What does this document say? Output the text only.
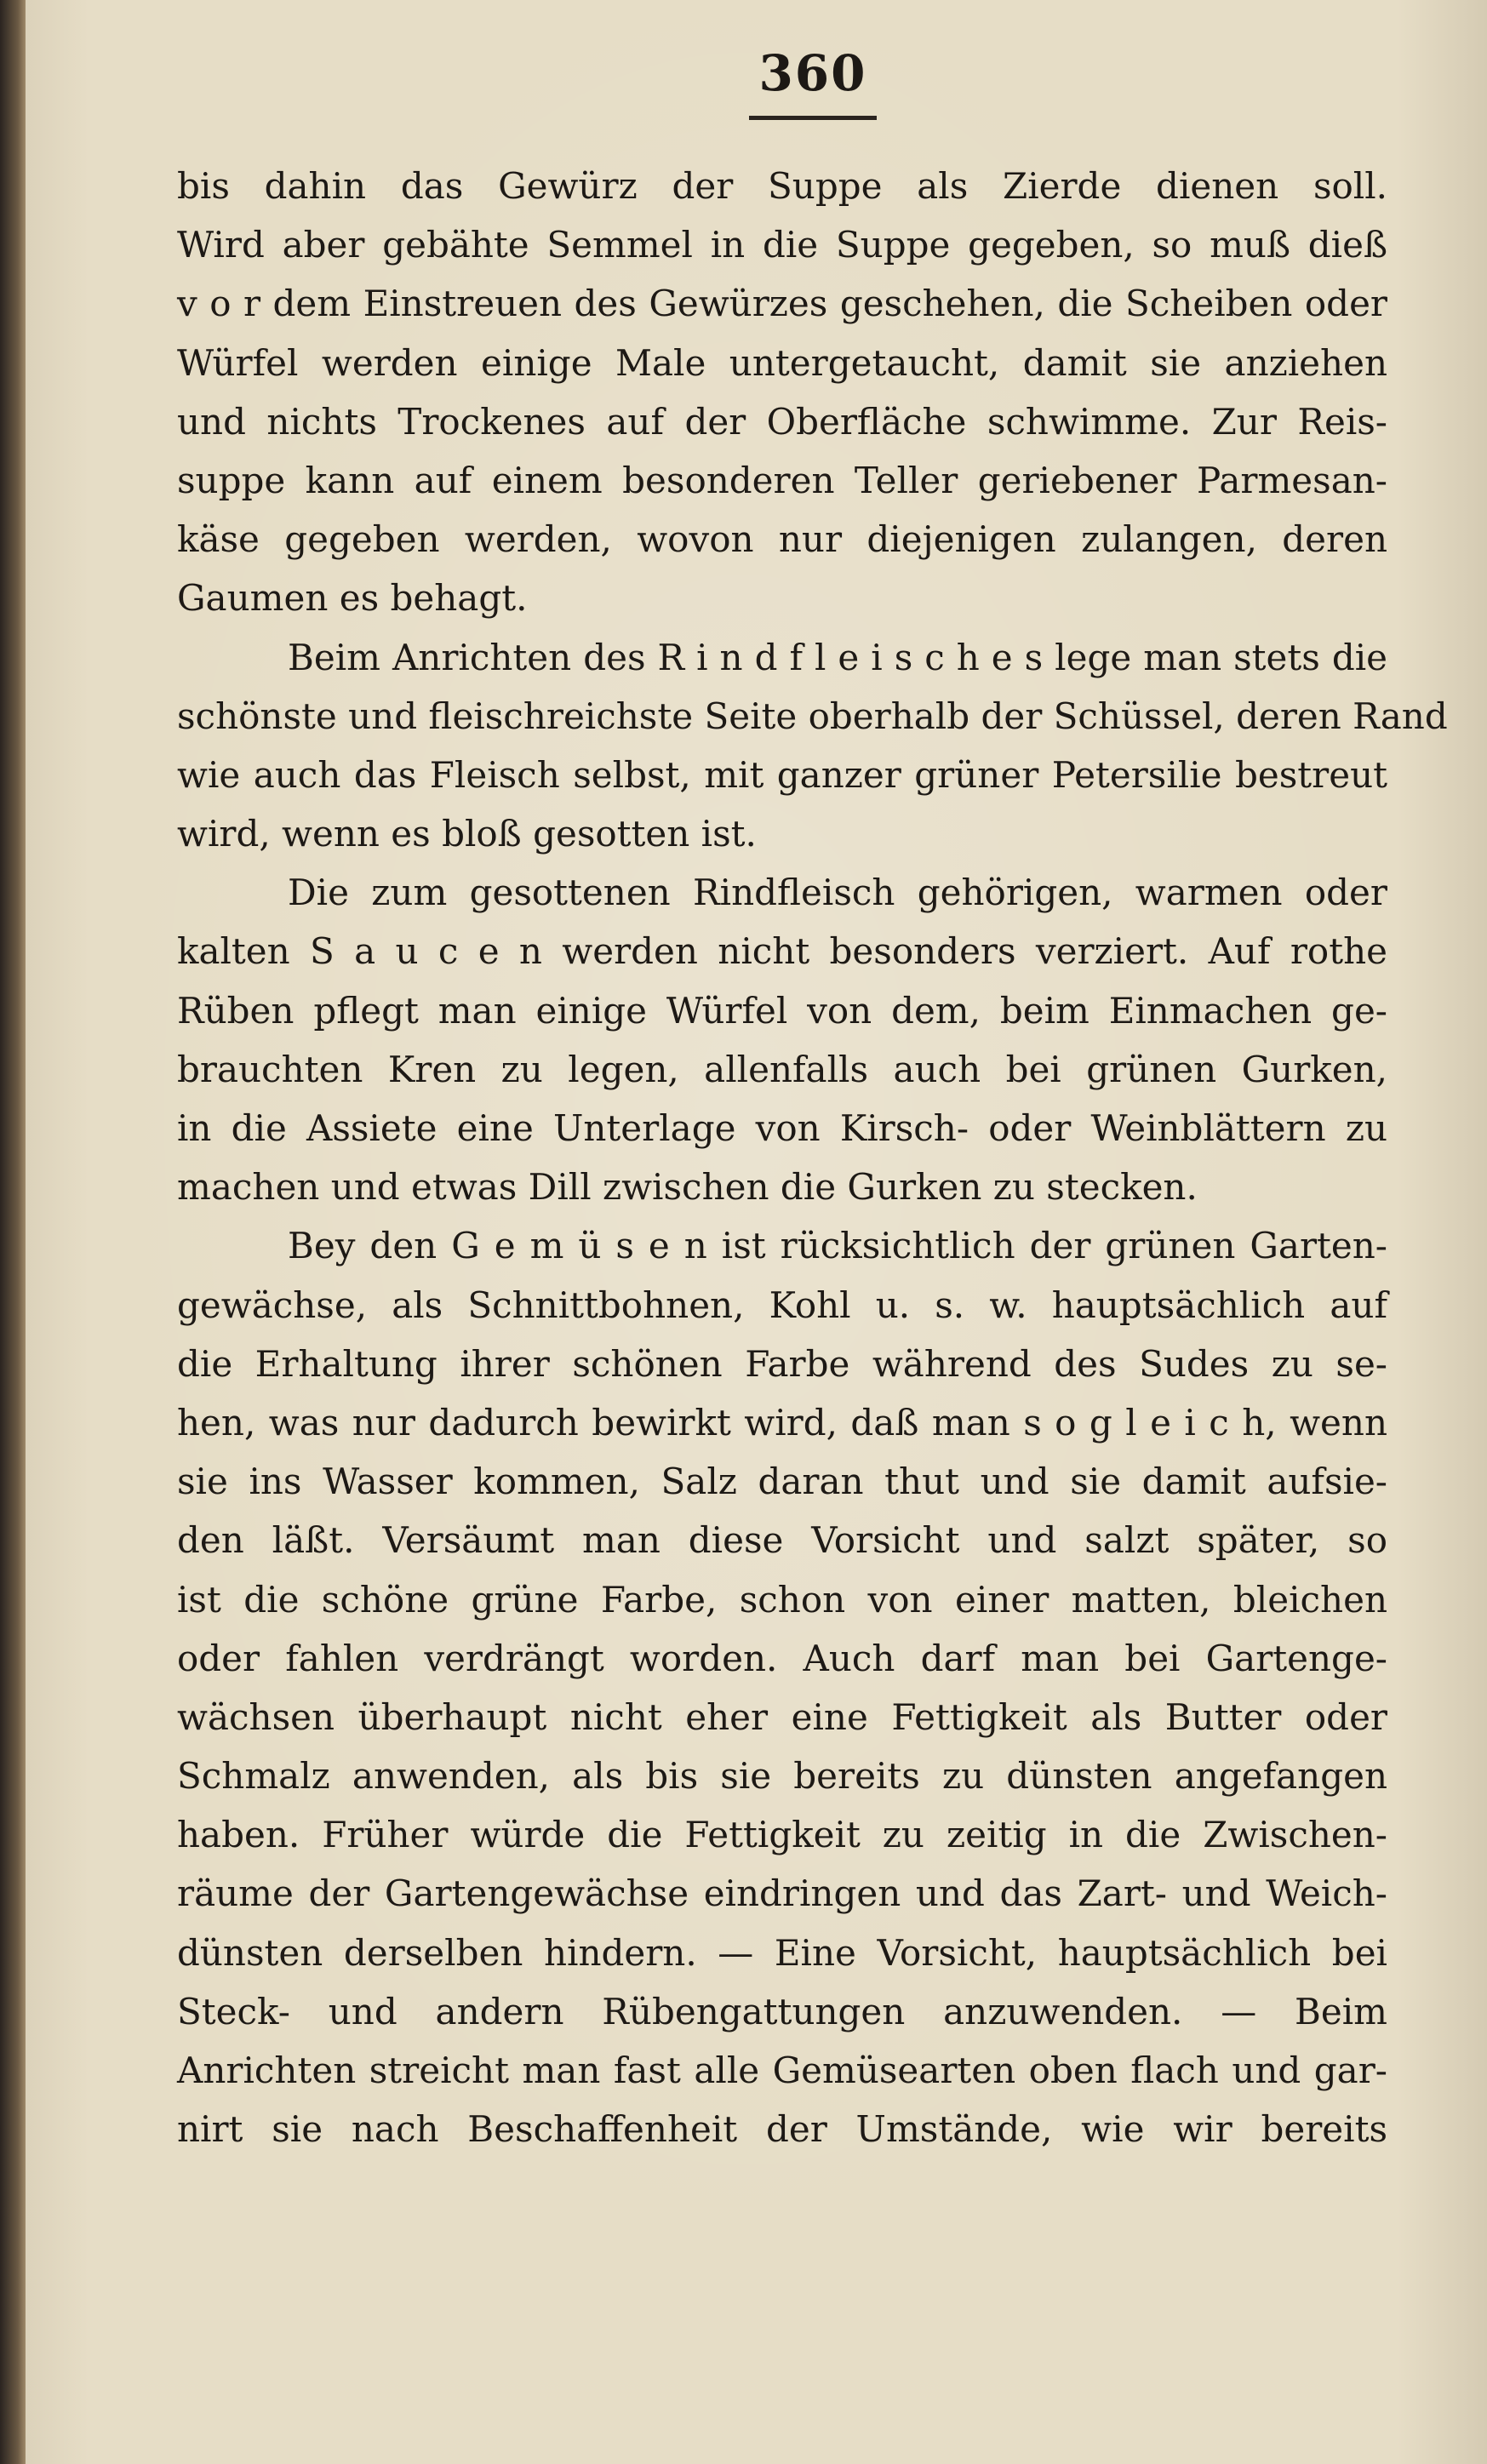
360
bis dahin das Gewürz der Suppe als Zierde dienen soll.
Wird aber gebähte Semmel in die Suppe gegeben, so muß dieß
v o r dem Einstreuen des Gewürzes geschehen, die Scheiben oder
Würfel werden einige Male untergetaucht, damit sie anziehen
und nichts Trockenes auf der Oberfläche schwimme. Zur Reis-
suppe kann auf einem besonderen Teller geriebener Parmesan-
käse gegeben werden, wovon nur diejenigen zulangen, deren
Gaumen es behagt.
Beim Anrichten des R i n d f l e i s c h e s lege man stets die
schönste und fleischreichste Seite oberhalb der Schüssel, deren Rand
wie auch das Fleisch selbst, mit ganzer grüner Petersilie bestreut
wird, wenn es bloß gesotten ist.
Die zum gesottenen Rindfleisch gehörigen, warmen oder
kalten S a u c e n werden nicht besonders verziert. Auf rothe
Rüben pflegt man einige Würfel von dem, beim Einmachen ge-
brauchten Kren zu legen, allenfalls auch bei grünen Gurken,
in die Assiete eine Unterlage von Kirsch- oder Weinblättern zu
machen und etwas Dill zwischen die Gurken zu stecken.
Bey den G e m ü s e n ist rücksichtlich der grünen Garten-
gewächse, als Schnittbohnen, Kohl u. s. w. hauptsächlich auf
die Erhaltung ihrer schönen Farbe während des Sudes zu se-
hen, was nur dadurch bewirkt wird, daß man s o g l e i c h, wenn
sie ins Wasser kommen, Salz daran thut und sie damit aufsie-
den läßt. Versäumt man diese Vorsicht und salzt später, so
ist die schöne grüne Farbe, schon von einer matten, bleichen
oder fahlen verdrängt worden. Auch darf man bei Gartenge-
wächsen überhaupt nicht eher eine Fettigkeit als Butter oder
Schmalz anwenden, als bis sie bereits zu dünsten angefangen
haben. Früher würde die Fettigkeit zu zeitig in die Zwischen-
räume der Gartengewächse eindringen und das Zart- und Weich-
dünsten derselben hindern. — Eine Vorsicht, hauptsächlich bei
Steck- und andern Rübengattungen anzuwenden. — Beim
Anrichten streicht man fast alle Gemüsearten oben flach und gar-
nirt sie nach Beschaffenheit der Umstände, wie wir bereits
